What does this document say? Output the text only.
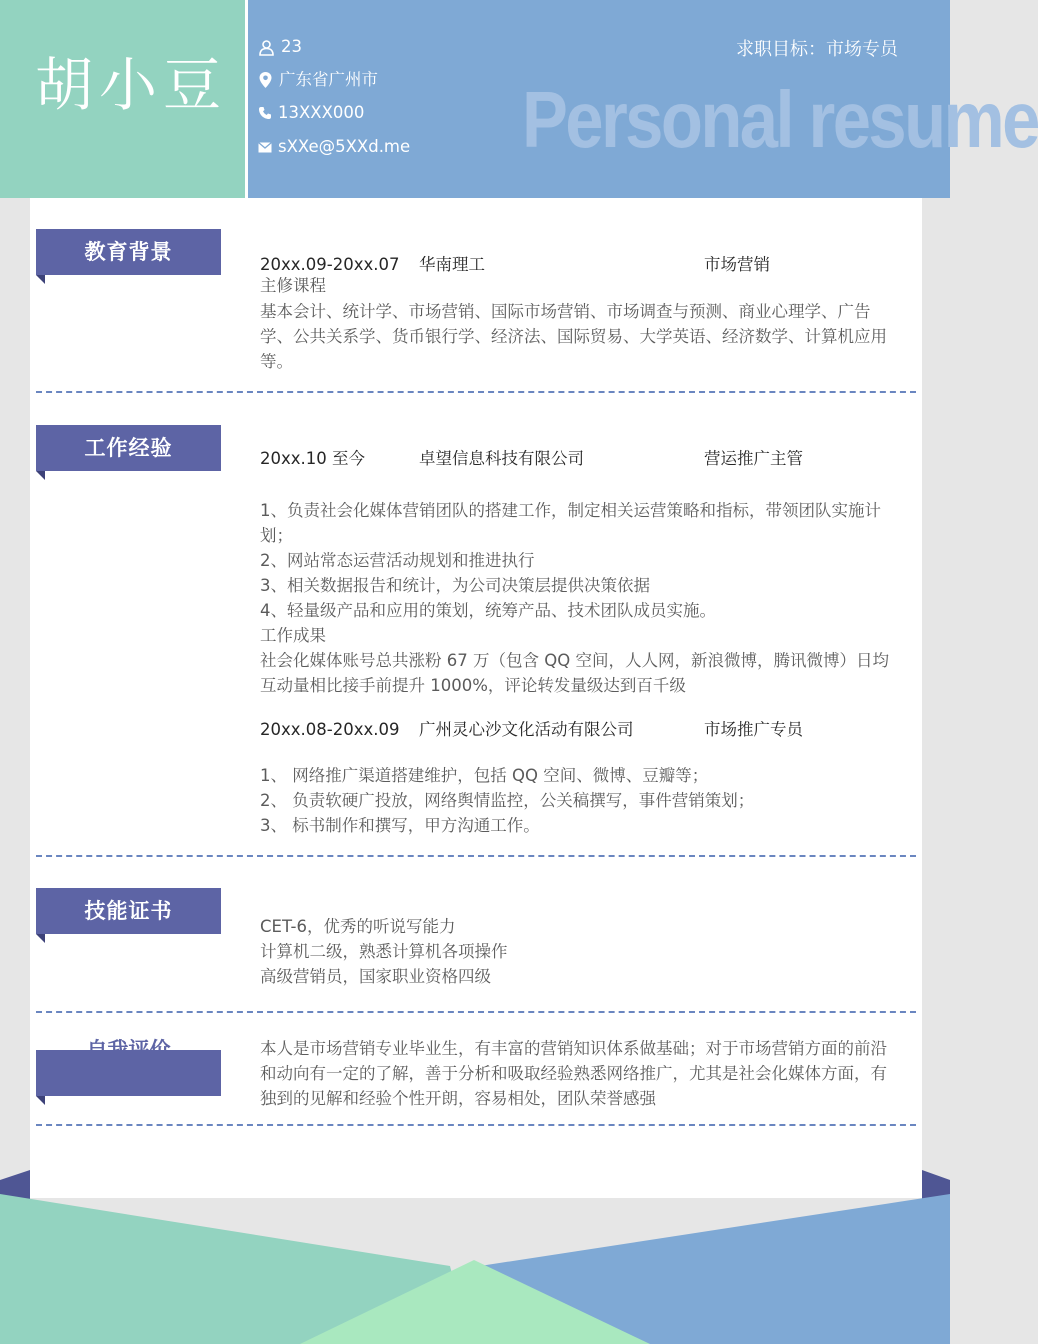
胡小豆
23
广东省广州市
13XXX000
sXXe@5XXd.me
求职目标：市场专员
Personal resume
教育背景
20xx.09-20xx.07 华南理工	市场营销
主修课程
基本会计、统计学、市场营销、国际市场营销、市场调查与预测、商业心理学、广告
学、公共关系学、货币银行学、经济法、国际贸易、大学英语、经济数学、计算机应用
等。
工作经验	20xx.10 至今	卓望信息科技有限公司	营运推广主管
1、负责社会化媒体营销团队的搭建工作，制定相关运营策略和指标，带领团队实施计
划；
2、网站常态运营活动规划和推进执行
3、相关数据报告和统计，为公司决策层提供决策依据
4、轻量级产品和应用的策划，统筹产品、技术团队成员实施。
工作成果
社会化媒体账号总共涨粉 67 万（包含 QQ 空间，人人网，新浪微博，腾讯微博）日均
互动量相比接手前提升 1000%，评论转发量级达到百千级
20xx.08-20xx.09 广州灵心沙文化活动有限公司	市场推广专员
1、 网络推广渠道搭建维护，包括 QQ 空间、微博、豆瓣等；
2、 负责软硬广投放，网络舆情监控，公关稿撰写，事件营销策划；
3、 标书制作和撰写，甲方沟通工作。
技能证书
CET-6，优秀的听说写能力
计算机二级，熟悉计算机各项操作
高级营销员，国家职业资格四级
本人是市场营销专业毕业生，有丰富的营销知识体系做基础；对于市场营销方面的前沿
和动向有一定的了解，善于分析和吸取经验熟悉网络推广，尤其是社会化媒体方面，有
独到的见解和经验个性开朗，容易相处，团队荣誉感强
